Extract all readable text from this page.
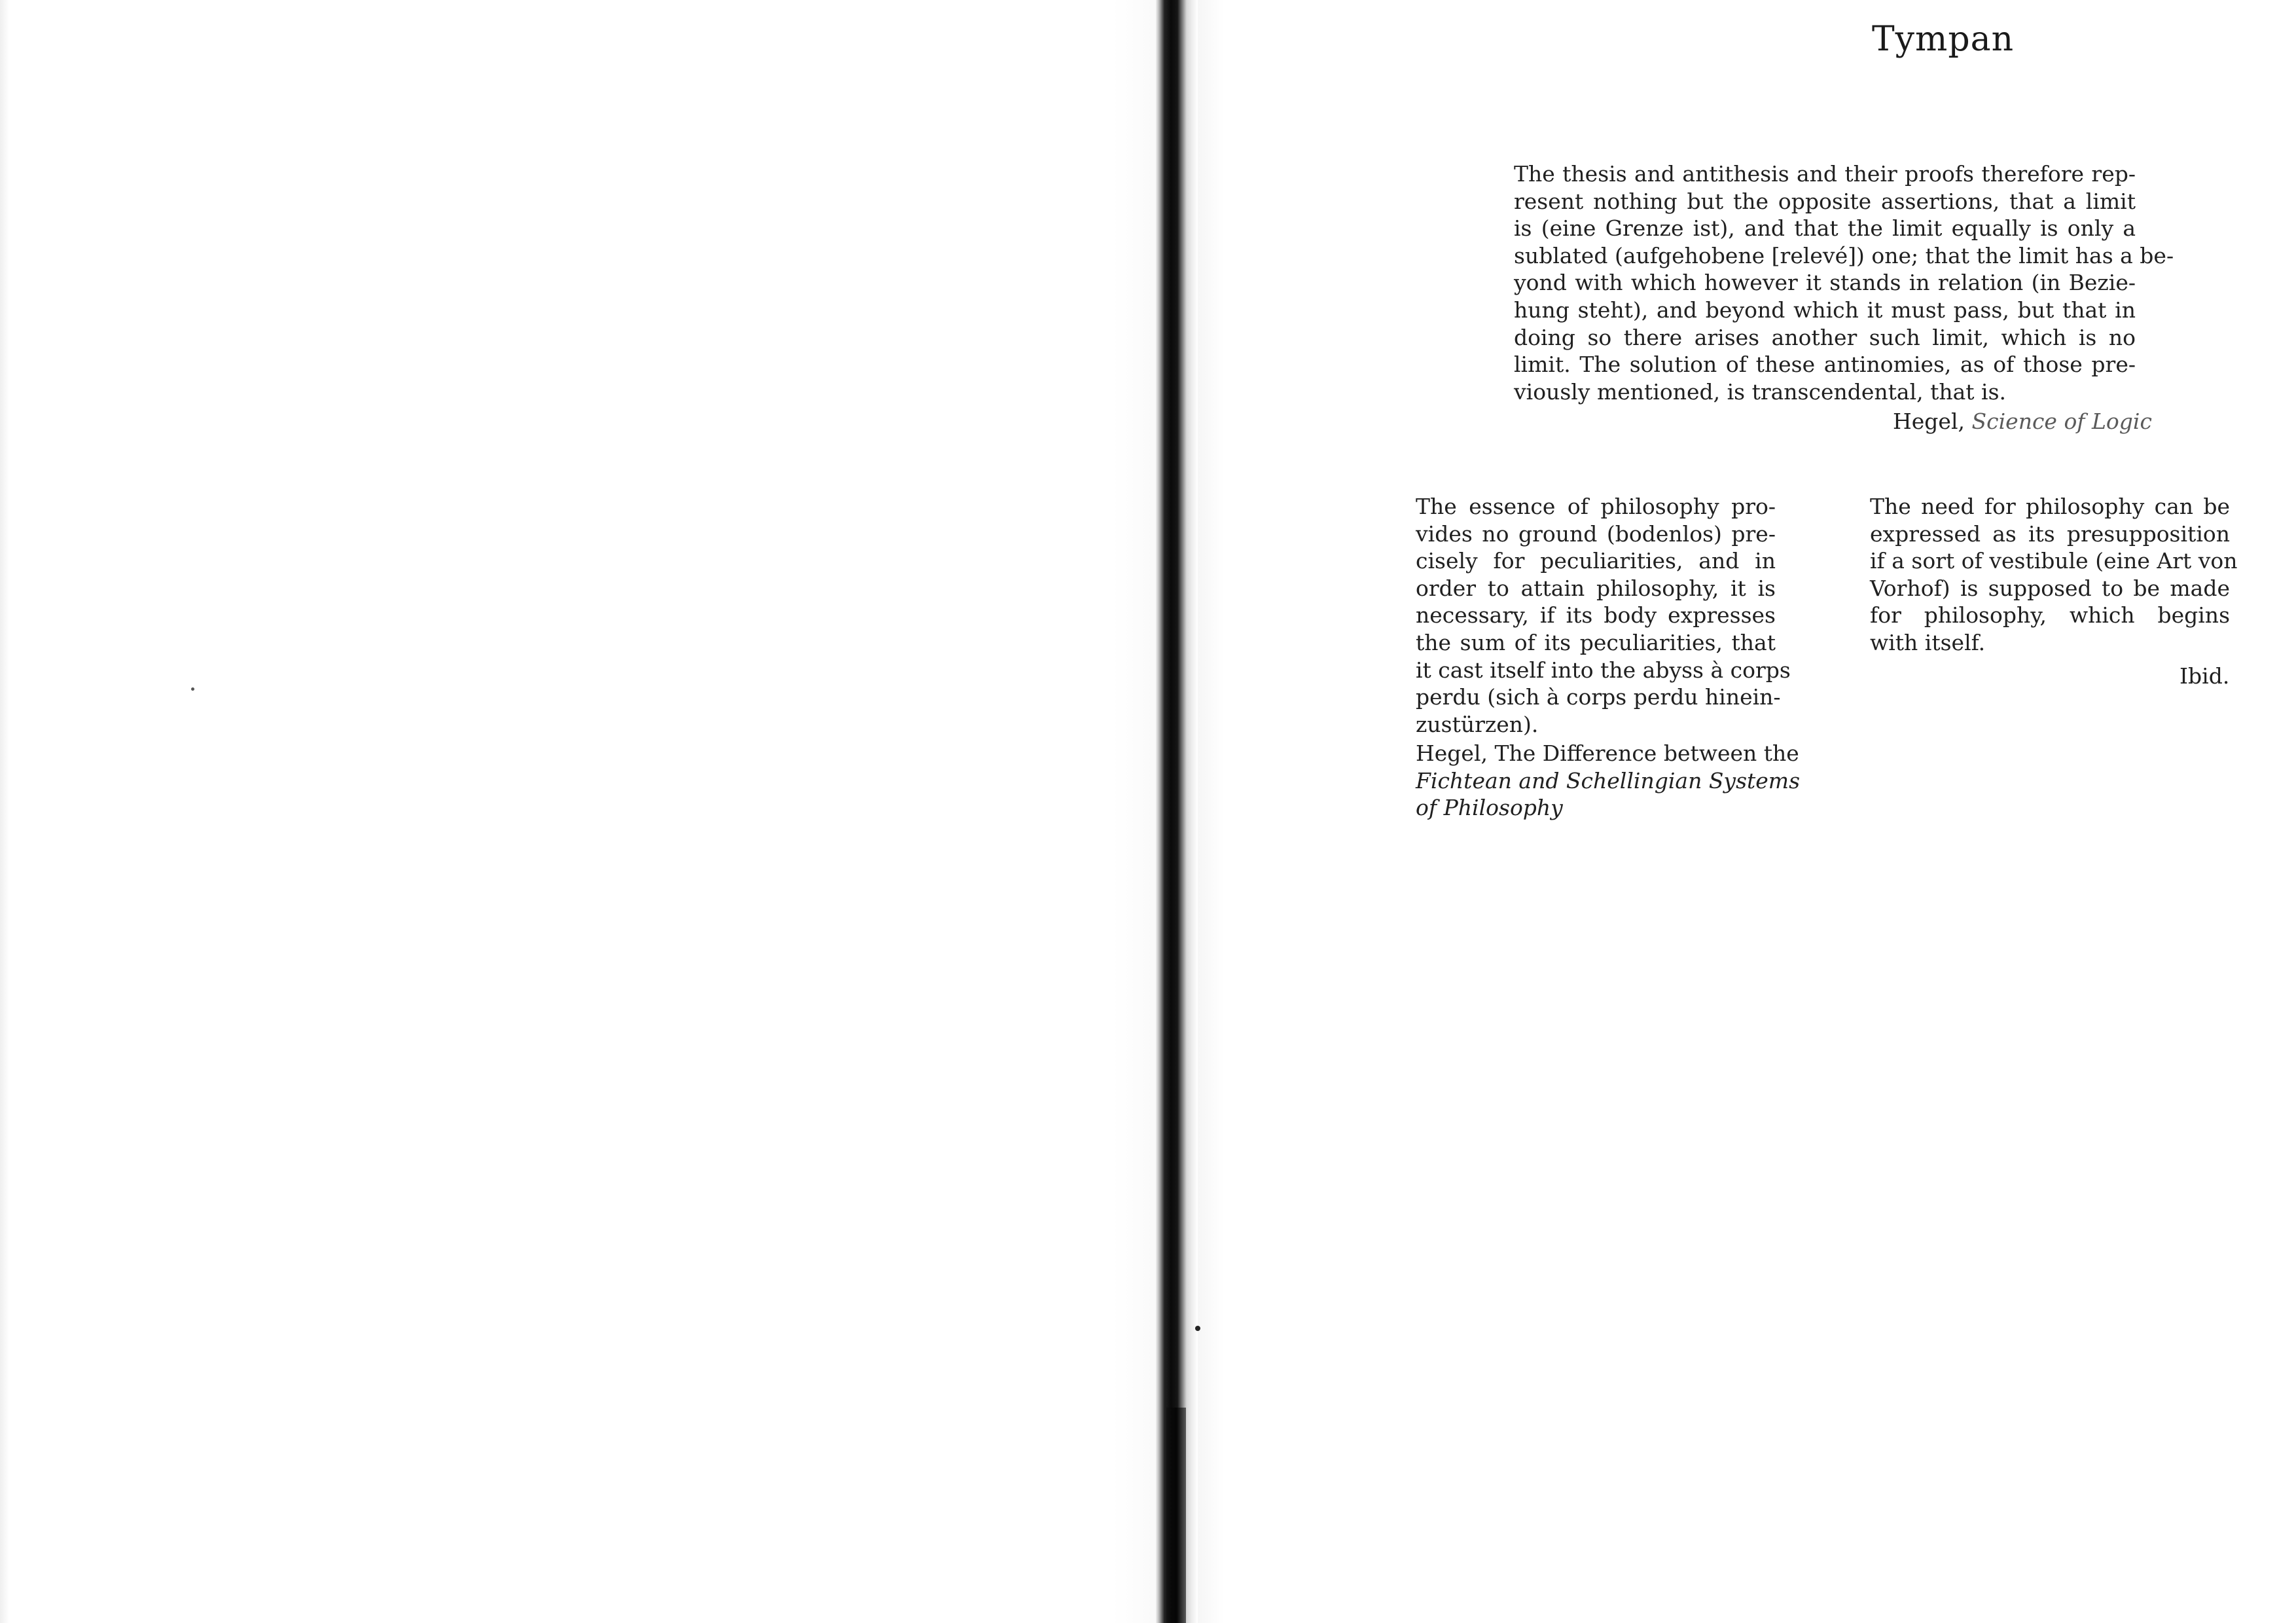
Tympan
The thesis and antithesis and their proofs therefore rep-
resent nothing but the opposite assertions, that a limit
is (eine Grenze ist), and that the limit equally is only a
sublated (aufgehobene [relevé]) one; that the limit has a be-
yond with which however it stands in relation (in Bezie-
hung steht), and beyond which it must pass, but that in
doing so there arises another such limit, which is no
limit. The solution of these antinomies, as of those pre-
viously mentioned, is transcendental, that is.
Hegel, Science of Logic
The essence of philosophy pro-
vides no ground (bodenlos) pre-
cisely for peculiarities, and in
order to attain philosophy, it is
necessary, if its body expresses
the sum of its peculiarities, that
it cast itself into the abyss à corps
perdu (sich à corps perdu hinein-
zustürzen).
Hegel, The Difference between the
Fichtean and Schellingian Systems
of Philosophy
The need for philosophy can be
expressed as its presupposition
if a sort of vestibule (eine Art von
Vorhof) is supposed to be made
for philosophy, which begins
with itself.
Ibid.
